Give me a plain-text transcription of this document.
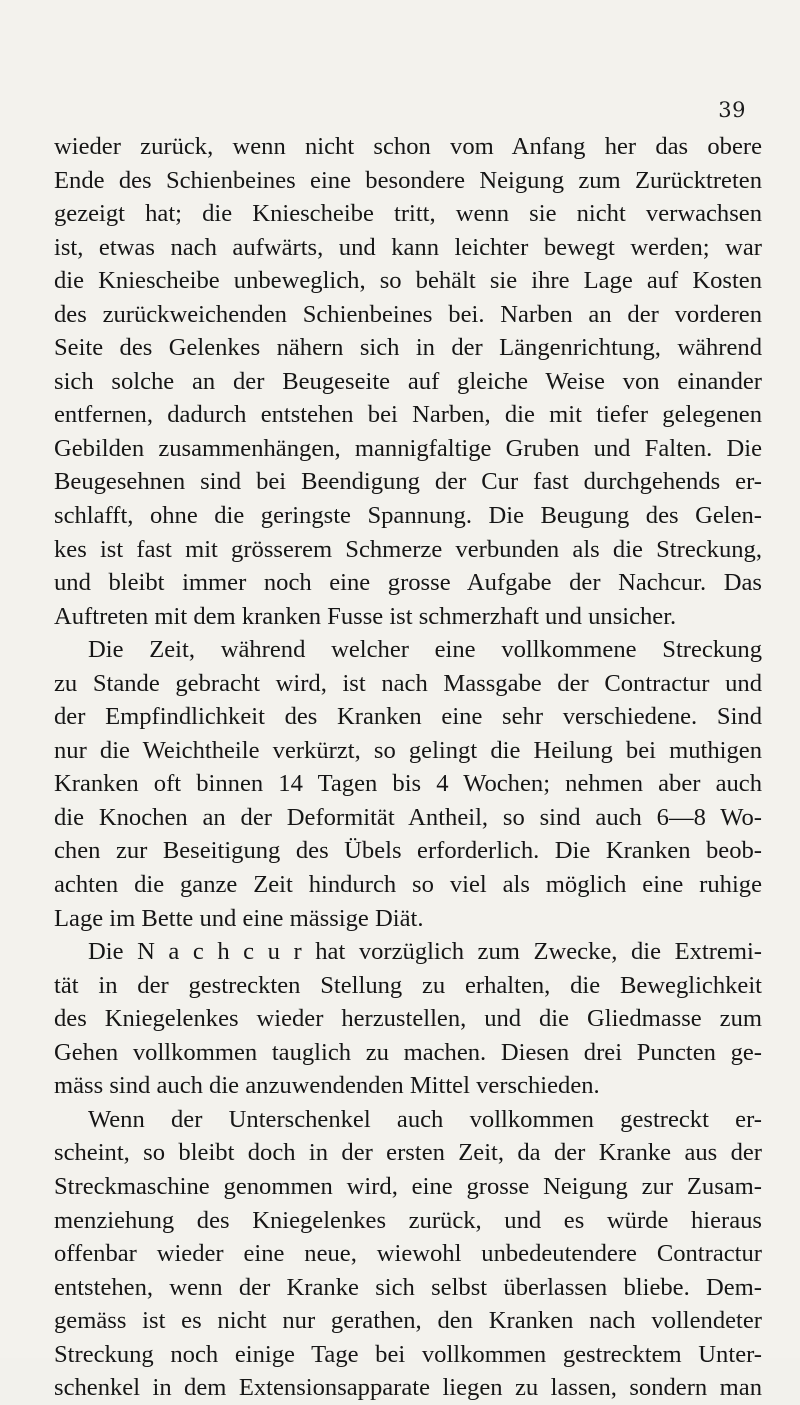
39
wieder zurück, wenn nicht schon vom Anfang her das obere
Ende des Schienbeines eine besondere Neigung zum Zurücktreten
gezeigt hat; die Kniescheibe tritt, wenn sie nicht verwachsen
ist, etwas nach aufwärts, und kann leichter bewegt werden; war
die Kniescheibe unbeweglich, so behält sie ihre Lage auf Kosten
des zurückweichenden Schienbeines bei. Narben an der vorderen
Seite des Gelenkes nähern sich in der Längenrichtung, während
sich solche an der Beugeseite auf gleiche Weise von einander
entfernen, dadurch entstehen bei Narben, die mit tiefer gelegenen
Gebilden zusammenhängen, mannigfaltige Gruben und Falten. Die
Beugesehnen sind bei Beendigung der Cur fast durchgehends er-
schlafft, ohne die geringste Spannung. Die Beugung des Gelen-
kes ist fast mit grösserem Schmerze verbunden als die Streckung,
und bleibt immer noch eine grosse Aufgabe der Nachcur. Das
Auftreten mit dem kranken Fusse ist schmerzhaft und unsicher.
Die Zeit, während welcher eine vollkommene Streckung
zu Stande gebracht wird, ist nach Massgabe der Contractur und
der Empfindlichkeit des Kranken eine sehr verschiedene. Sind
nur die Weichtheile verkürzt, so gelingt die Heilung bei muthigen
Kranken oft binnen 14 Tagen bis 4 Wochen; nehmen aber auch
die Knochen an der Deformität Antheil, so sind auch 6—8 Wo-
chen zur Beseitigung des Übels erforderlich. Die Kranken beob-
achten die ganze Zeit hindurch so viel als möglich eine ruhige
Lage im Bette und eine mässige Diät.
Die N a c h c u r hat vorzüglich zum Zwecke, die Extremi-
tät in der gestreckten Stellung zu erhalten, die Beweglichkeit
des Kniegelenkes wieder herzustellen, und die Gliedmasse zum
Gehen vollkommen tauglich zu machen. Diesen drei Puncten ge-
mäss sind auch die anzuwendenden Mittel verschieden.
Wenn der Unterschenkel auch vollkommen gestreckt er-
scheint, so bleibt doch in der ersten Zeit, da der Kranke aus der
Streckmaschine genommen wird, eine grosse Neigung zur Zusam-
menziehung des Kniegelenkes zurück, und es würde hieraus
offenbar wieder eine neue, wiewohl unbedeutendere Contractur
entstehen, wenn der Kranke sich selbst überlassen bliebe. Dem-
gemäss ist es nicht nur gerathen, den Kranken nach vollendeter
Streckung noch einige Tage bei vollkommen gestrecktem Unter-
schenkel in dem Extensionsapparate liegen zu lassen, sondern man
